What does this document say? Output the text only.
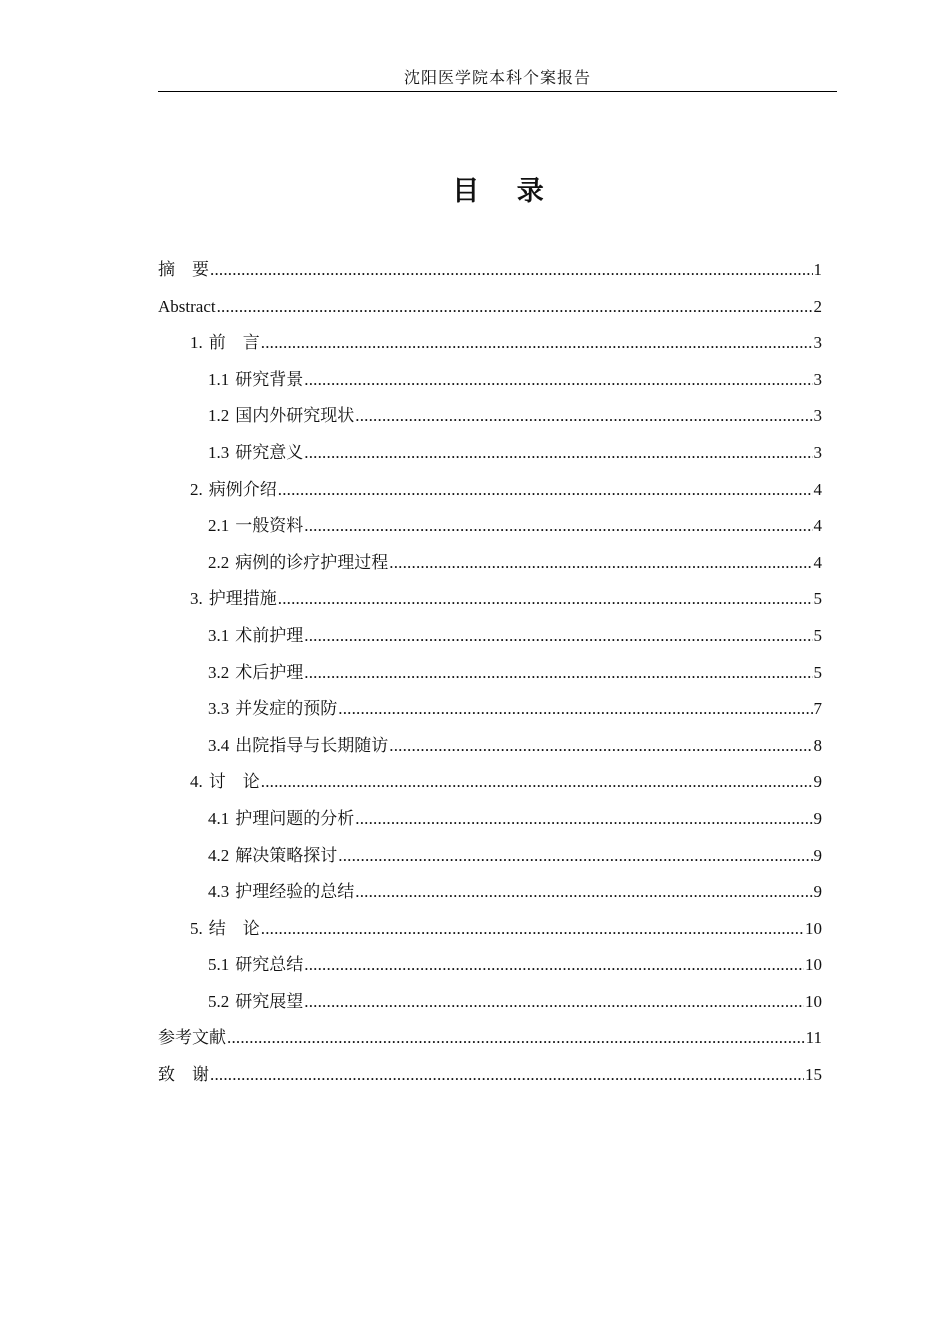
沈阳医学院本科个案报告
目 录
摘　要 .....	1
Abstract .....	2
1. 前　言 .....	3
1.1 研究背景 .....	3
1.2 国内外研究现状 .....	3
1.3 研究意义 .....	3
2. 病例介绍 .....	4
2.1 一般资料 .....	4
2.2 病例的诊疗护理过程 .....	4
3. 护理措施 .....	5
3.1 术前护理 .....	5
3.2 术后护理 .....	5
3.3 并发症的预防 .....	7
3.4 出院指导与长期随访 .....	8
4. 讨　论 .....	9
4.1 护理问题的分析 .....	9
4.2 解决策略探讨 .....	9
4.3 护理经验的总结 .....	9
5. 结　论 .....	10
5.1 研究总结 .....	10
5.2 研究展望 .....	10
参考文献 .....	11
致　谢 .....	15
